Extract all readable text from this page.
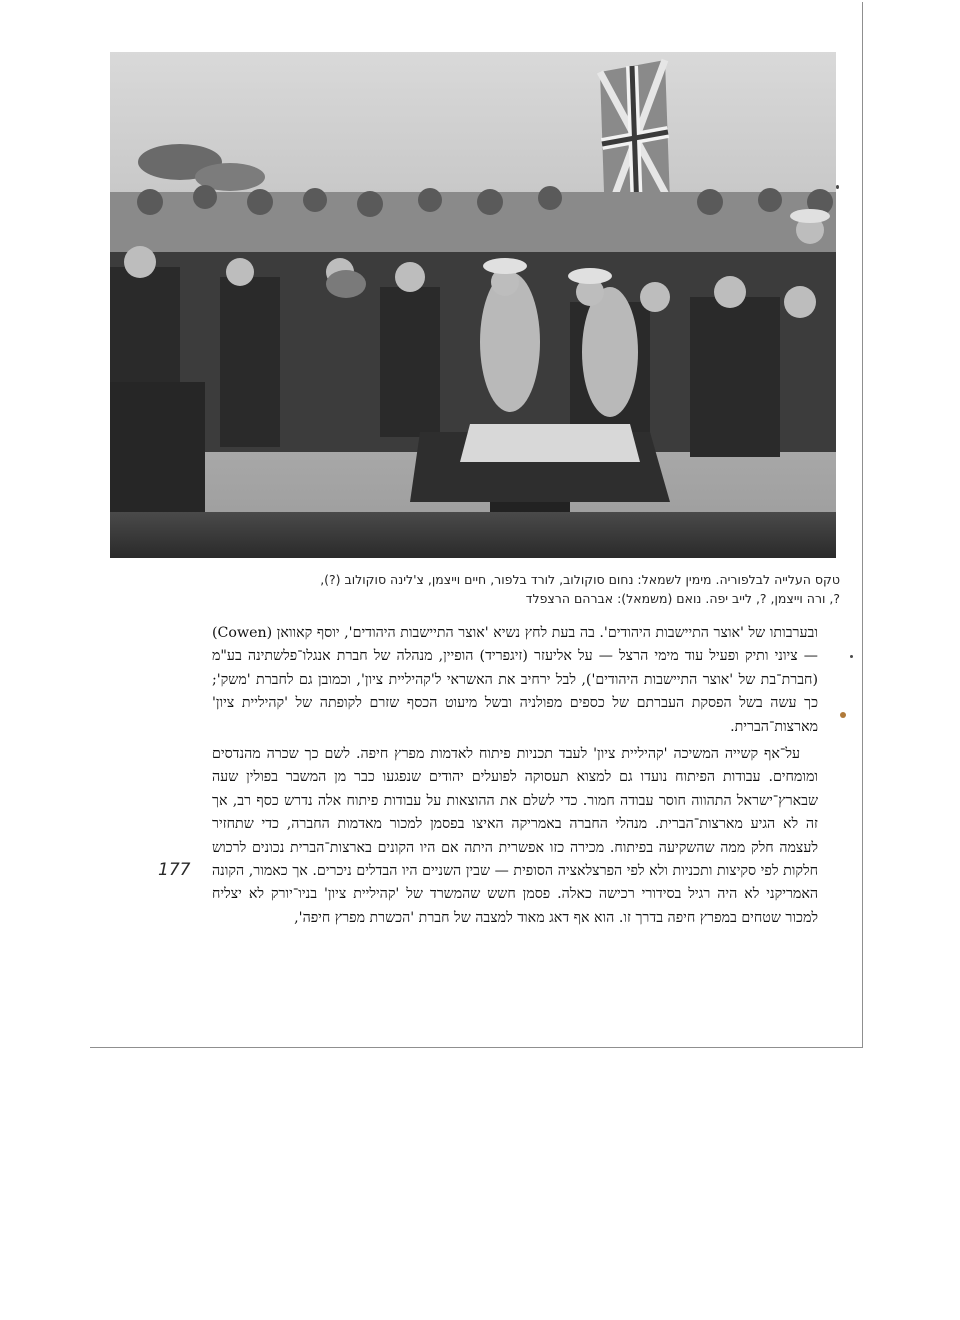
טקס העלייה לבלפוריה. מימין לשמאל: נחום סוקולוב, לורד בלפור, חיים וייצמן, צ'לינה סוקולוב (?),

?, ורה וייצמן, ?, לייב יפה. נואם (משמאל): אברהם הרצפלד

ובערבותו של 'אוצר התיישבות היהודים'. בה בעת לחץ נשיא 'אוצר התיישבות היהודים', יוסף קאוואן (Cowen) — ציוני ותיק ופעיל עוד מימי הרצל — על אליעזר (זיגפריד) הופיין, מנהלה של חברת אנגלו־פלשתינה בע"מ (חברת־בת של 'אוצר התיישבות היהודים'), לבל ירחיב את האשראי ל'קהיליית ציון', וכמובן גם לחברת 'משק'; כך עשה בשל הפסקת העברתם של כספים מפולניה ובשל מיעוט הכסף שזרם לקופתה של 'קהיליית ציון' מארצות־הברית.

על־אף קשייה המשיכה 'קהיליית ציון' לעבד תכניות פיתוח לאדמות מפרץ חיפה. לשם כך שכרה מהנדסים ומומחים. עבודות הפיתוח נועדו גם למצוא תעסוקה לפועלים יהודים שנפגעו כבר מן המשבר בפולין שעה שבארץ־ישראל התהווה חוסר עבודה חמור. כדי לשלם את ההוצאות על עבודות פיתוח אלה נדרש כסף רב, אך זה לא הגיע מארצות־הברית. מנהלי החברה באמריקה האיצו בפסמן למכור מאדמות החברה, כדי שתחזיר לעצמה חלק ממה שהשקיעה בפיתוח. מכירה כזו אפשרית היתה אם היו הקונים בארצות־הברית נכונים לרכוש חלקות לפי סקיצות ותכניות ולא לפי הפרצלאציה הסופית — שבין השניים היו הבדלים ניכרים. אך כאמור, הקונה האמריקני לא היה רגיל בסידורי רכישה כאלה. פסמן חשש שהמשרד של 'קהיליית ציון' בניו־יורק לא יצליח למכור שטחים במפרץ חיפה בדרך זו. הוא אף דאג מאוד למצבה של חברת 'הכשרת מפרץ חיפה',

177
